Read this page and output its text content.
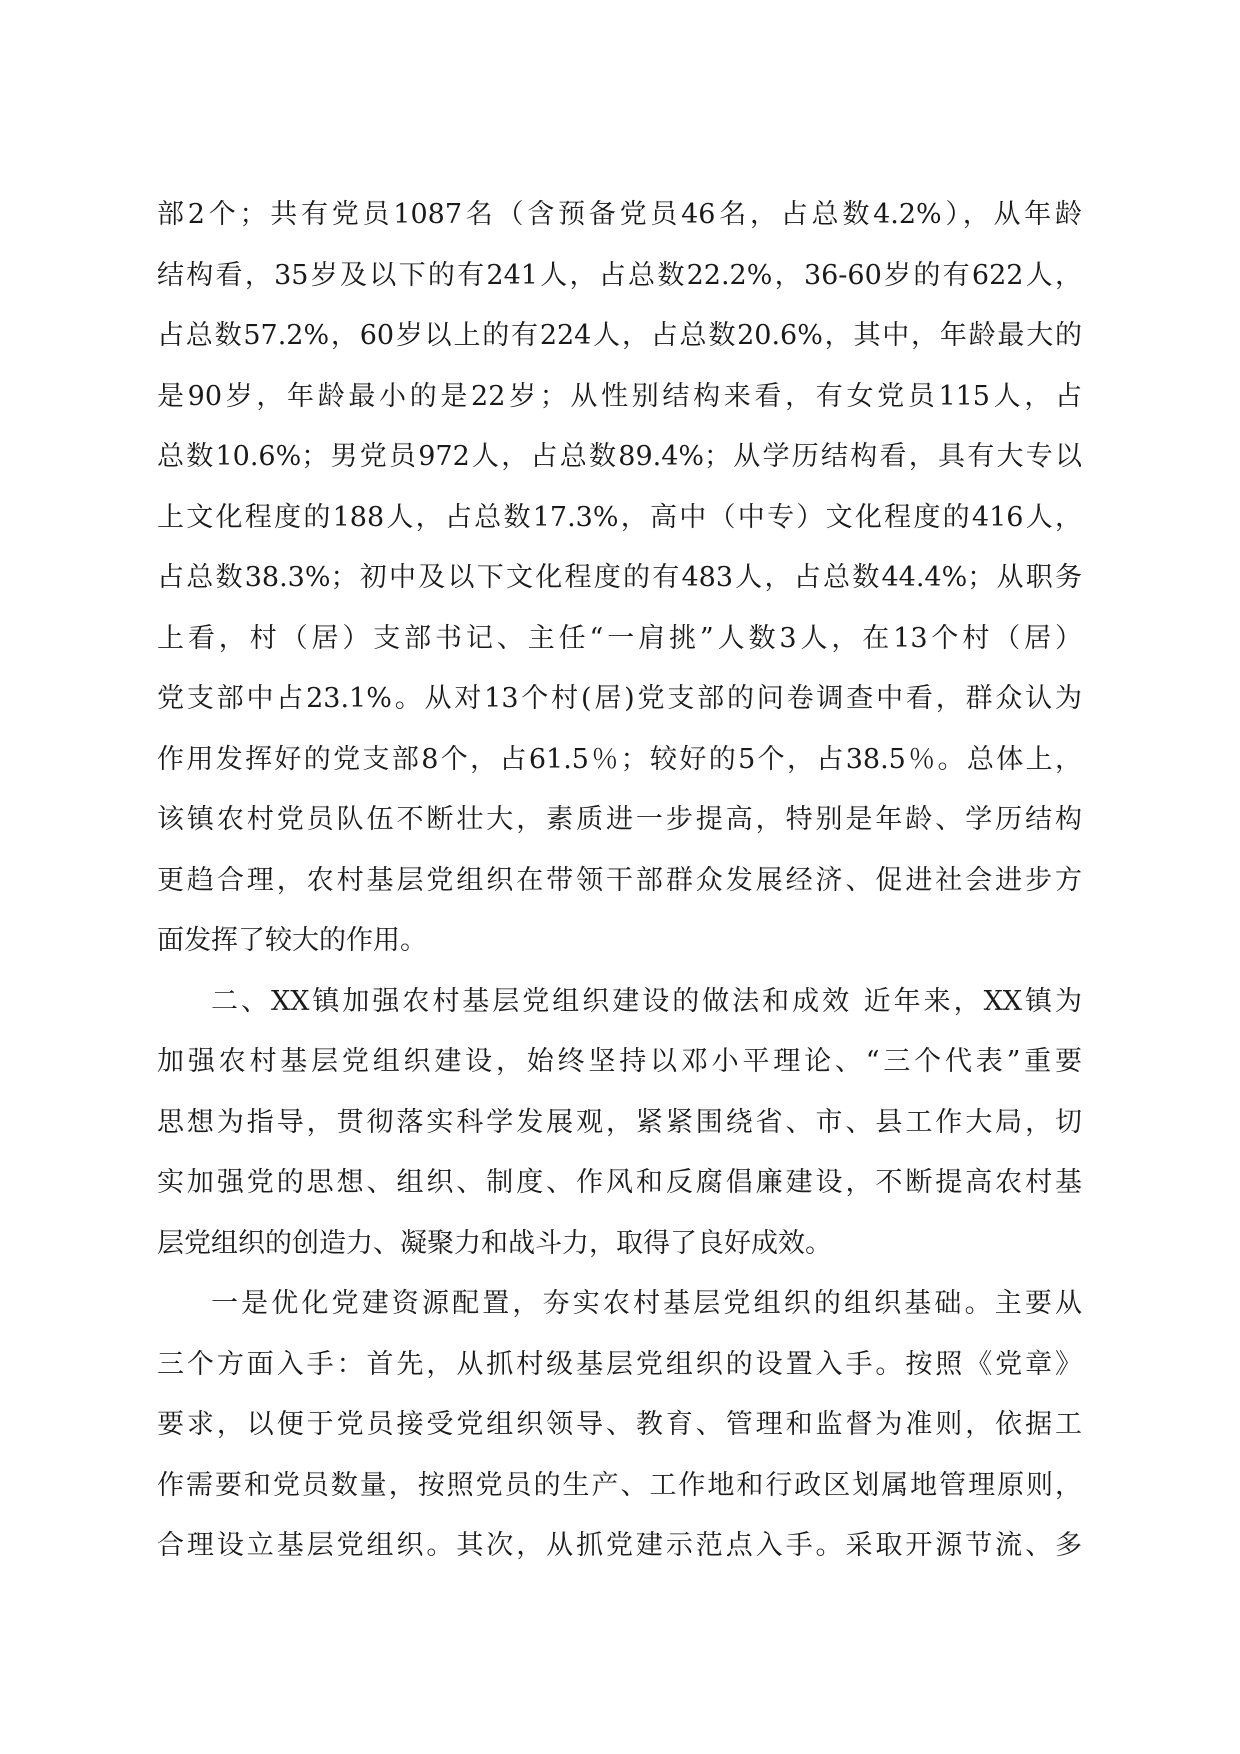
部2个；共有党员1087名（含预备党员46名，占总数4.2%），从年龄
结构看，35岁及以下的有241人，占总数22.2%，36-60岁的有622人，
占总数57.2%，60岁以上的有224人，占总数20.6%，其中，年龄最大的
是90岁，年龄最小的是22岁；从性别结构来看，有女党员115人，占
总数10.6%；男党员972人，占总数89.4%；从学历结构看，具有大专以
上文化程度的188人，占总数17.3%，高中（中专）文化程度的416人，
占总数38.3%；初中及以下文化程度的有483人，占总数44.4%；从职务
上看，村（居）支部书记、主任“一肩挑”人数3人，在13个村（居）
党支部中占23.1%。从对13个村(居)党支部的问卷调查中看，群众认为
作用发挥好的党支部8个，占61.5％；较好的5个，占38.5％。总体上，
该镇农村党员队伍不断壮大，素质进一步提高，特别是年龄、学历结构
更趋合理，农村基层党组织在带领干部群众发展经济、促进社会进步方
面发挥了较大的作用。
二、XX镇加强农村基层党组织建设的做法和成效 近年来，XX镇为
加强农村基层党组织建设，始终坚持以邓小平理论、“三个代表”重要
思想为指导，贯彻落实科学发展观，紧紧围绕省、市、县工作大局，切
实加强党的思想、组织、制度、作风和反腐倡廉建设，不断提高农村基
层党组织的创造力、凝聚力和战斗力，取得了良好成效。
一是优化党建资源配置，夯实农村基层党组织的组织基础。主要从
三个方面入手：首先，从抓村级基层党组织的设置入手。按照《党章》
要求，以便于党员接受党组织领导、教育、管理和监督为准则，依据工
作需要和党员数量，按照党员的生产、工作地和行政区划属地管理原则，
合理设立基层党组织。其次，从抓党建示范点入手。采取开源节流、多
